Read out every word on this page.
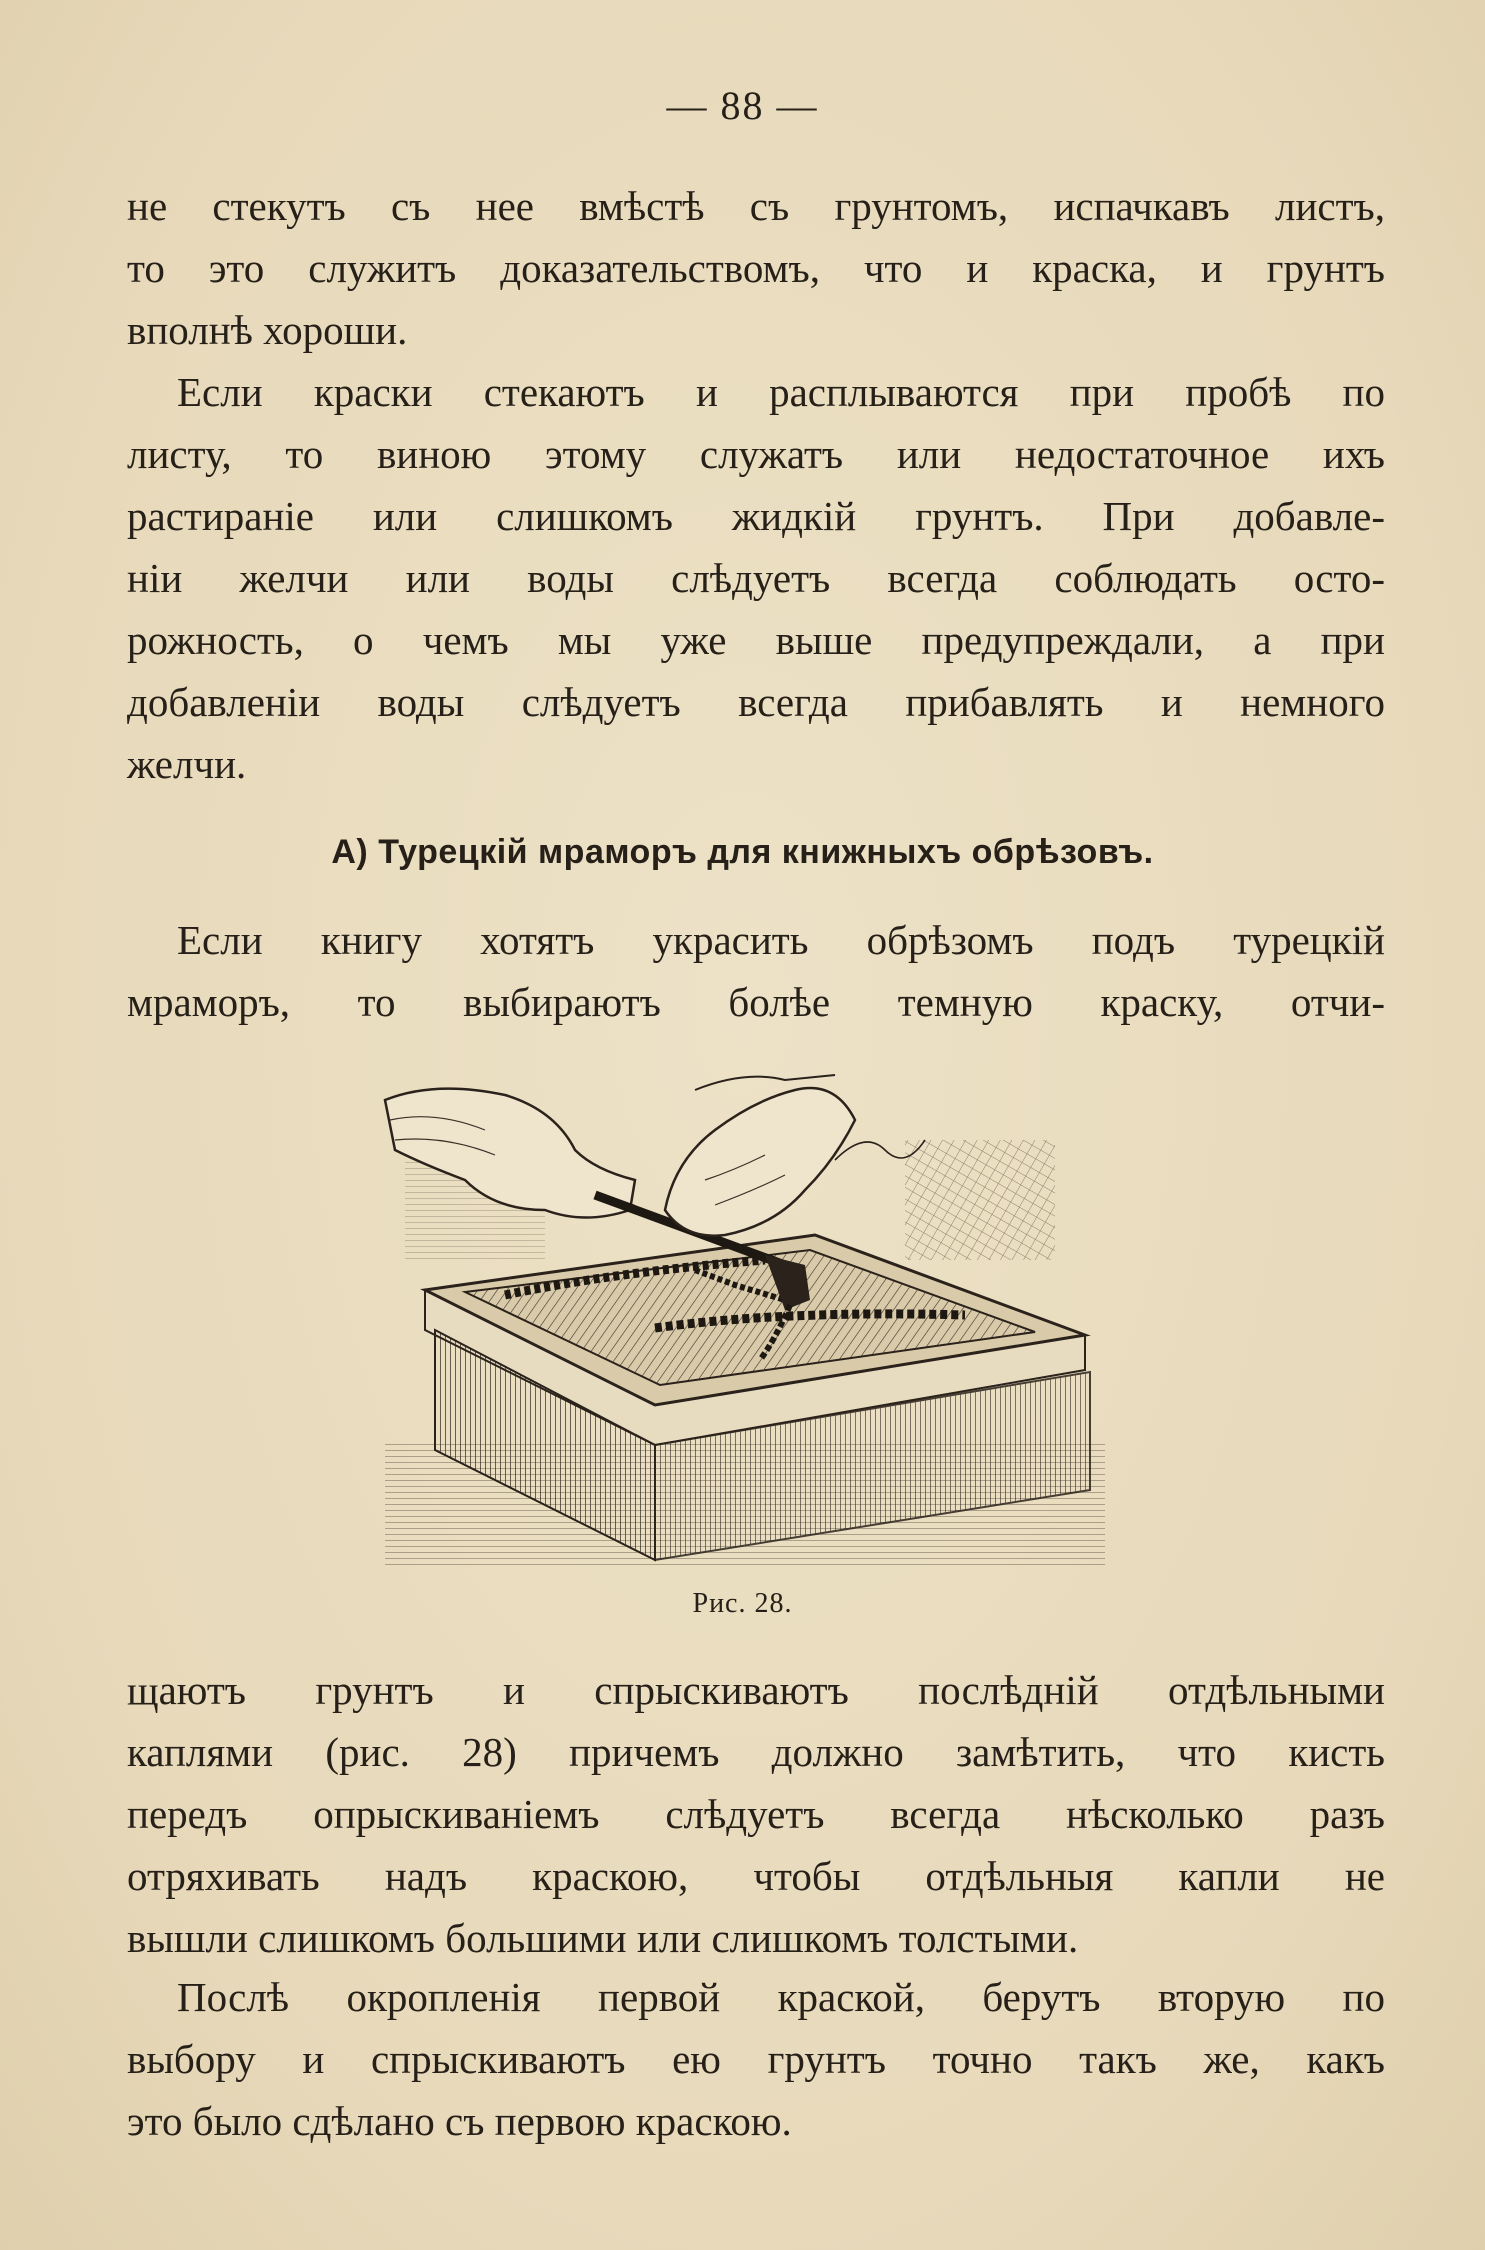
— 88 —
не стекутъ съ нее вмѣстѣ съ грунтомъ, испачкавъ листъ,
то это служитъ доказательствомъ, что и краска, и грунтъ
вполнѣ хороши.
Если краски стекаютъ и расплываются при пробѣ по
листу, то виною этому служатъ или недостаточное ихъ
растираніе или слишкомъ жидкій грунтъ. При добавле-
ніи желчи или воды слѣдуетъ всегда соблюдать осто-
рожность, о чемъ мы уже выше предупреждали, а при
добавленіи воды слѣдуетъ всегда прибавлять и немного
желчи.
A) Турецкій мраморъ для книжныхъ обрѣзовъ.
Если книгу хотятъ украсить обрѣзомъ подъ турецкій
мраморъ, то выбираютъ болѣе темную краску, отчи-
Рис. 28.
щаютъ грунтъ и спрыскиваютъ послѣдній отдѣльными
каплями (рис. 28) причемъ должно замѣтить, что кисть
передъ опрыскиваніемъ слѣдуетъ всегда нѣсколько разъ
отряхивать надъ краскою, чтобы отдѣльныя капли не
вышли слишкомъ большими или слишкомъ толстыми.
Послѣ окропленія первой краской, берутъ вторую по
выбору и спрыскиваютъ ею грунтъ точно такъ же, какъ
это было сдѣлано съ первою краскою.
